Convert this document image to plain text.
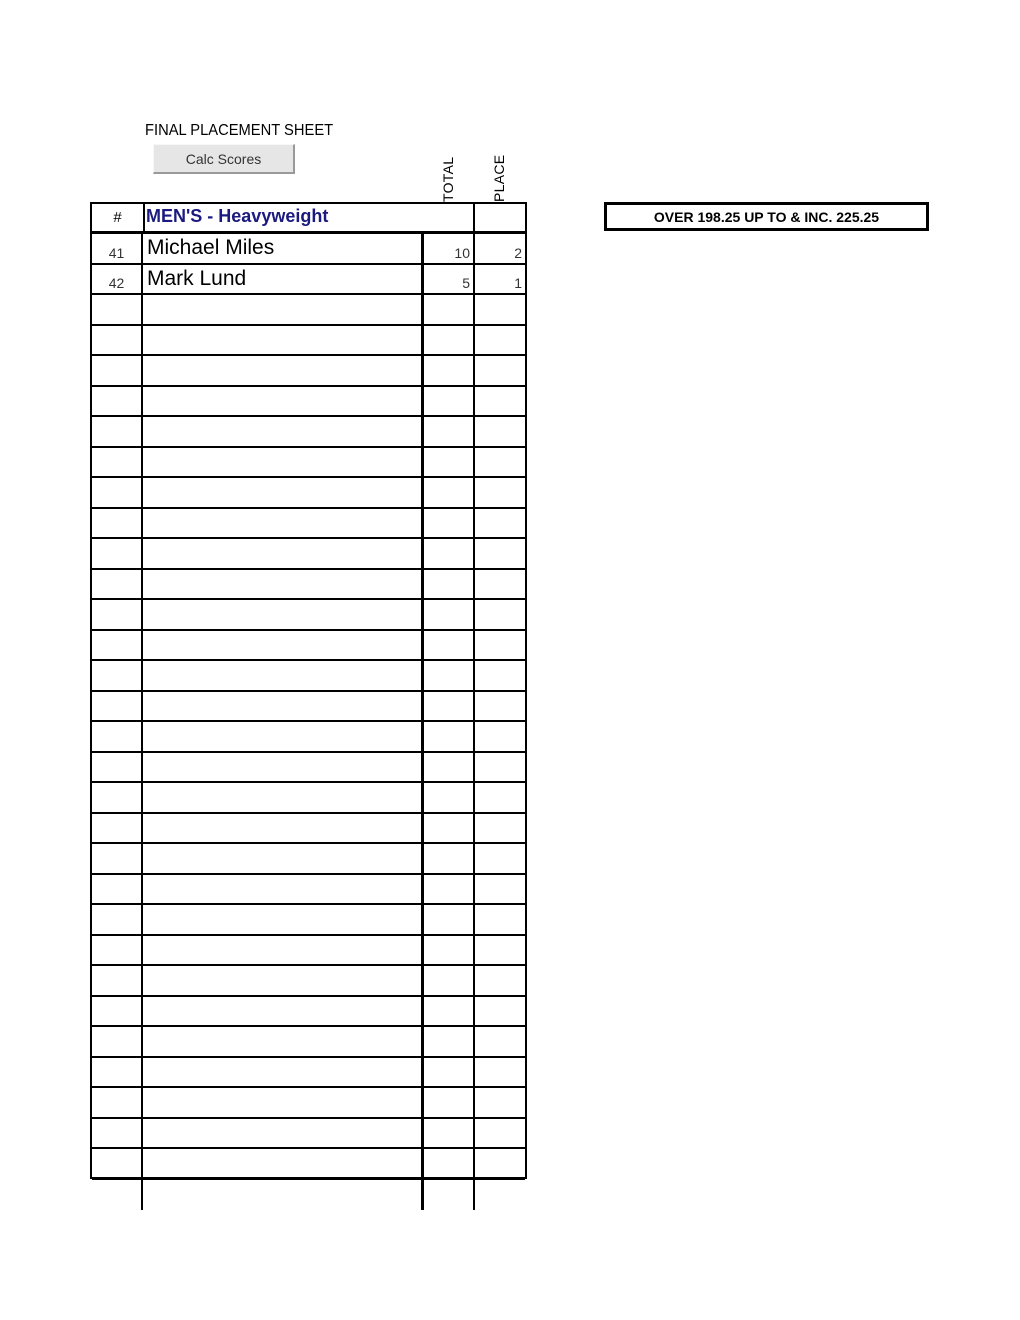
FINAL PLACEMENT SHEET
Calc Scores	TOTAL	PLACE
#	MEN'S - Heavyweight
41	Michael Miles	10	2
42	Mark Lund	5	1
OVER 198.25 UP TO & INC. 225.25
